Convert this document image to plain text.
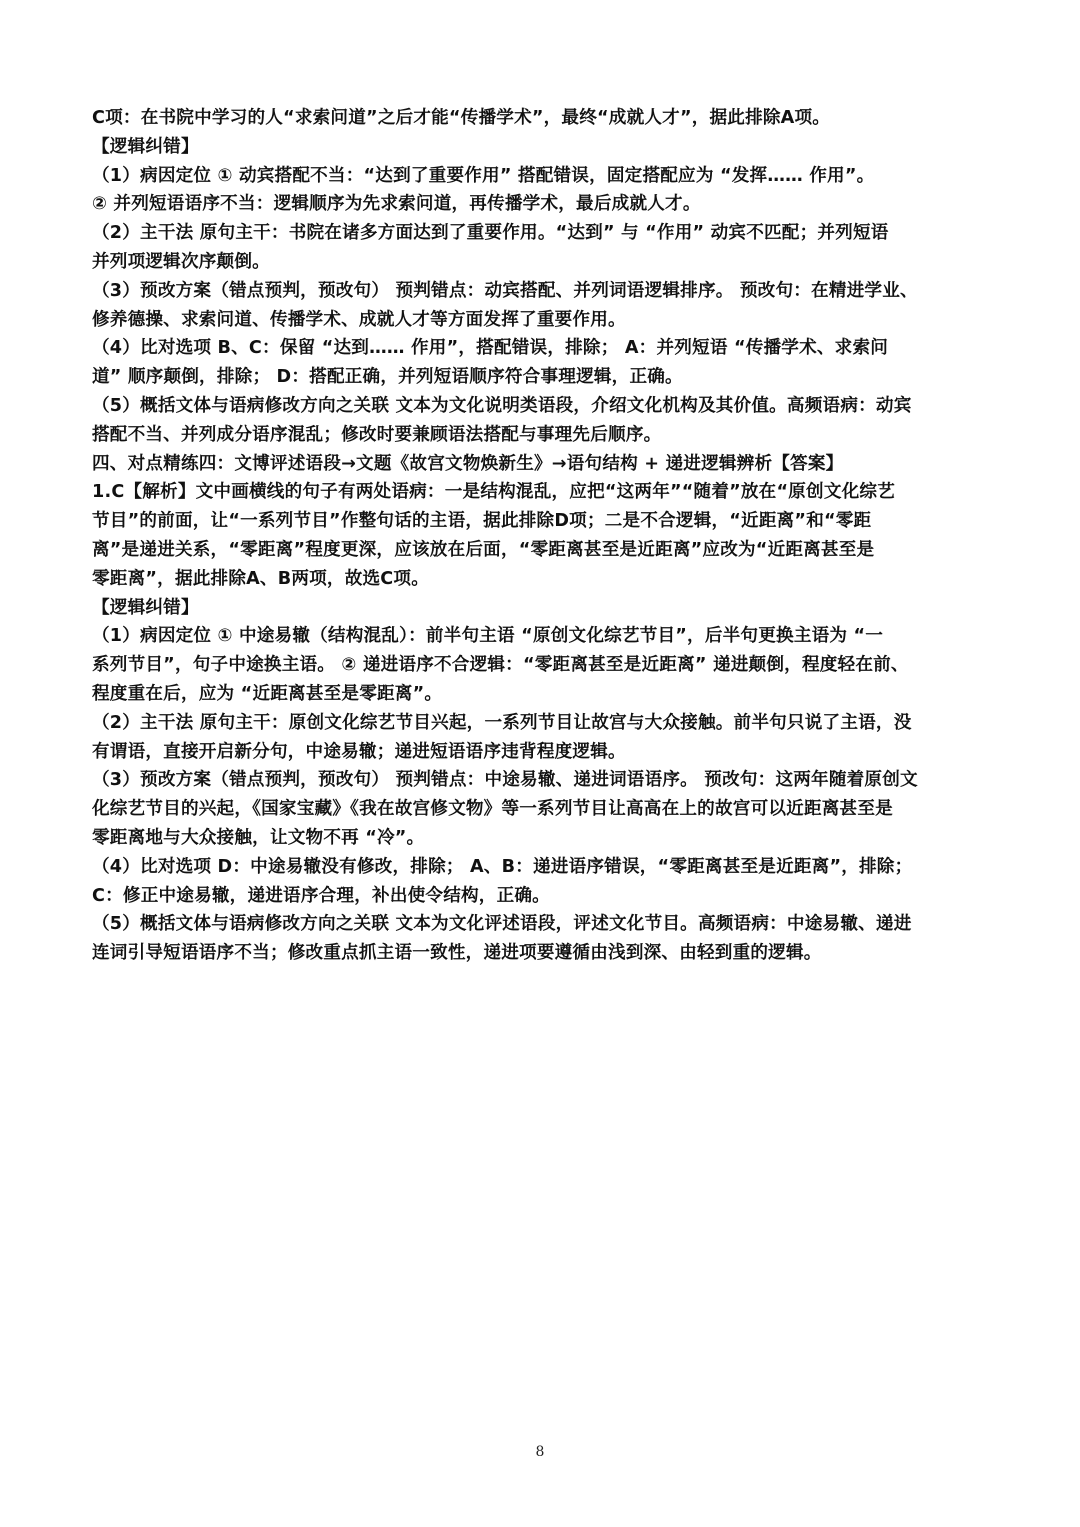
C项：在书院中学习的人“求索问道”之后才能“传播学术”，最终“成就人才”，据此排除A项。
【逻辑纠错】
（1）病因定位 ① 动宾搭配不当：“达到了重要作用” 搭配错误，固定搭配应为 “发挥…… 作用”。
② 并列短语语序不当：逻辑顺序为先求索问道，再传播学术，最后成就人才。
（2）主干法 原句主干：书院在诸多方面达到了重要作用。“达到” 与 “作用” 动宾不匹配；并列短语
并列项逻辑次序颠倒。
（3）预改方案（错点预判，预改句） 预判错点：动宾搭配、并列词语逻辑排序。 预改句：在精进学业、
修养德操、求索问道、传播学术、成就人才等方面发挥了重要作用。
（4）比对选项 B、C：保留 “达到…… 作用”，搭配错误，排除； A：并列短语 “传播学术、求索问
道” 顺序颠倒，排除； D：搭配正确，并列短语顺序符合事理逻辑，正确。
（5）概括文体与语病修改方向之关联 文本为文化说明类语段，介绍文化机构及其价值。高频语病：动宾
搭配不当、并列成分语序混乱；修改时要兼顾语法搭配与事理先后顺序。
四、对点精练四：文博评述语段→文题《故宫文物焕新生》→语句结构 + 递进逻辑辨析【答案】
1.C【解析】文中画横线的句子有两处语病：一是结构混乱，应把“这两年”“随着”放在“原创文化综艺
节目”的前面，让“一系列节目”作整句话的主语，据此排除D项；二是不合逻辑，“近距离”和“零距
离”是递进关系，“零距离”程度更深，应该放在后面，“零距离甚至是近距离”应改为“近距离甚至是
零距离”，据此排除A、B两项，故选C项。
【逻辑纠错】
（1）病因定位 ① 中途易辙（结构混乱）：前半句主语 “原创文化综艺节目”，后半句更换主语为 “一
系列节目”，句子中途换主语。 ② 递进语序不合逻辑：“零距离甚至是近距离” 递进颠倒，程度轻在前、
程度重在后，应为 “近距离甚至是零距离”。
（2）主干法 原句主干：原创文化综艺节目兴起，一系列节目让故宫与大众接触。前半句只说了主语，没
有谓语，直接开启新分句，中途易辙；递进短语语序违背程度逻辑。
（3）预改方案（错点预判，预改句） 预判错点：中途易辙、递进词语语序。 预改句：这两年随着原创文
化综艺节目的兴起，《国家宝藏》《我在故宫修文物》等一系列节目让高高在上的故宫可以近距离甚至是
零距离地与大众接触，让文物不再 “冷”。
（4）比对选项 D：中途易辙没有修改，排除； A、B：递进语序错误，“零距离甚至是近距离”，排除；
C：修正中途易辙，递进语序合理，补出使令结构，正确。
（5）概括文体与语病修改方向之关联 文本为文化评述语段，评述文化节目。高频语病：中途易辙、递进
连词引导短语语序不当；修改重点抓主语一致性，递进项要遵循由浅到深、由轻到重的逻辑。
8
